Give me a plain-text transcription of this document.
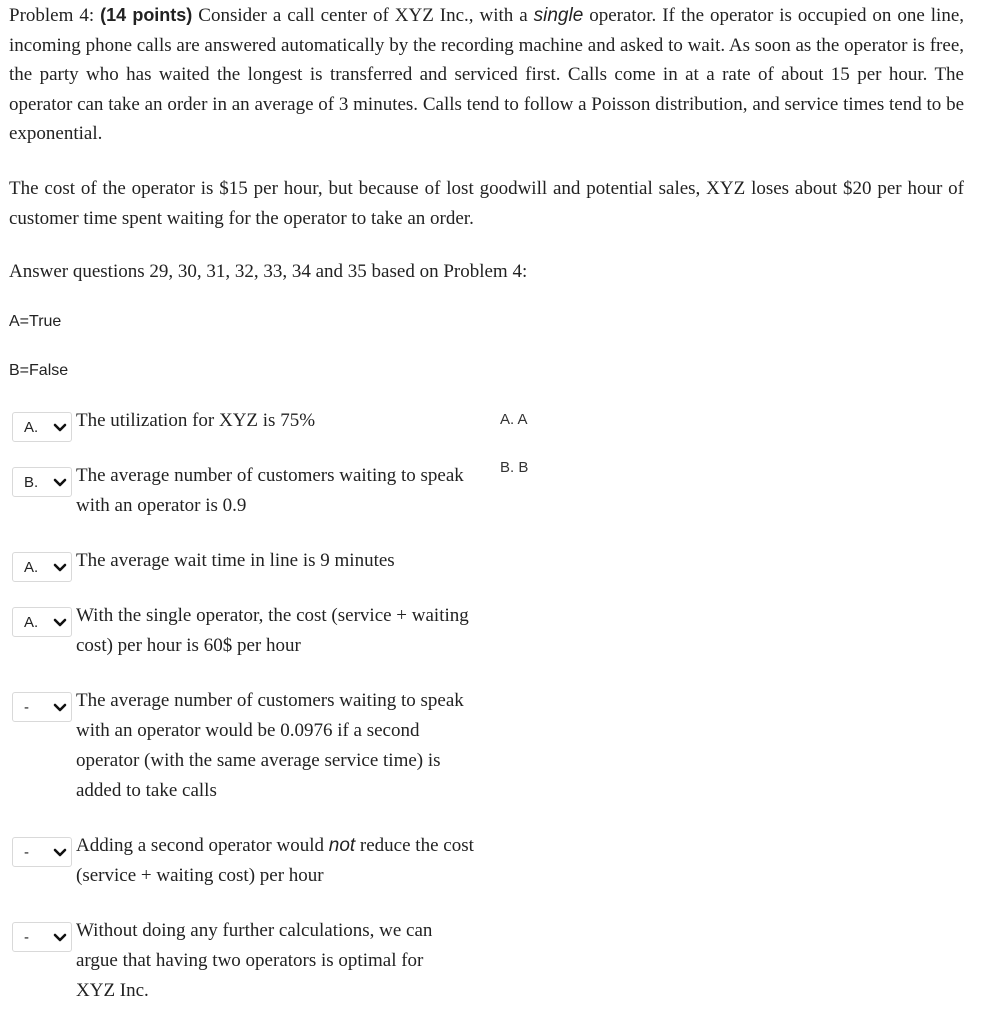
Problem 4: (14 points) Consider a call center of XYZ Inc., with a single operator. If the operator is occupied on one line, incoming phone calls are answered automatically by the recording machine and asked to wait. As soon as the operator is free, the party who has waited the longest is transferred and serviced first. Calls come in at a rate of about 15 per hour. The operator can take an order in an average of 3 minutes. Calls tend to follow a Poisson distribution, and service times tend to be exponential.
The cost of the operator is $15 per hour, but because of lost goodwill and potential sales, XYZ loses about $20 per hour of customer time spent waiting for the operator to take an order.
Answer questions 29, 30, 31, 32, 33, 34 and 35 based on Problem 4:
A=True
B=False
A. A
B. B
A. The utilization for XYZ is 75%
B. The average number of customers waiting to speak with an operator is 0.9
A. The average wait time in line is 9 minutes
A. With the single operator, the cost (service + waiting cost) per hour is 60$ per hour
- The average number of customers waiting to speak with an operator would be 0.0976 if a second operator (with the same average service time) is added to take calls
- Adding a second operator would not reduce the cost (service + waiting cost) per hour
- Without doing any further calculations, we can argue that having two operators is optimal for XYZ Inc.
